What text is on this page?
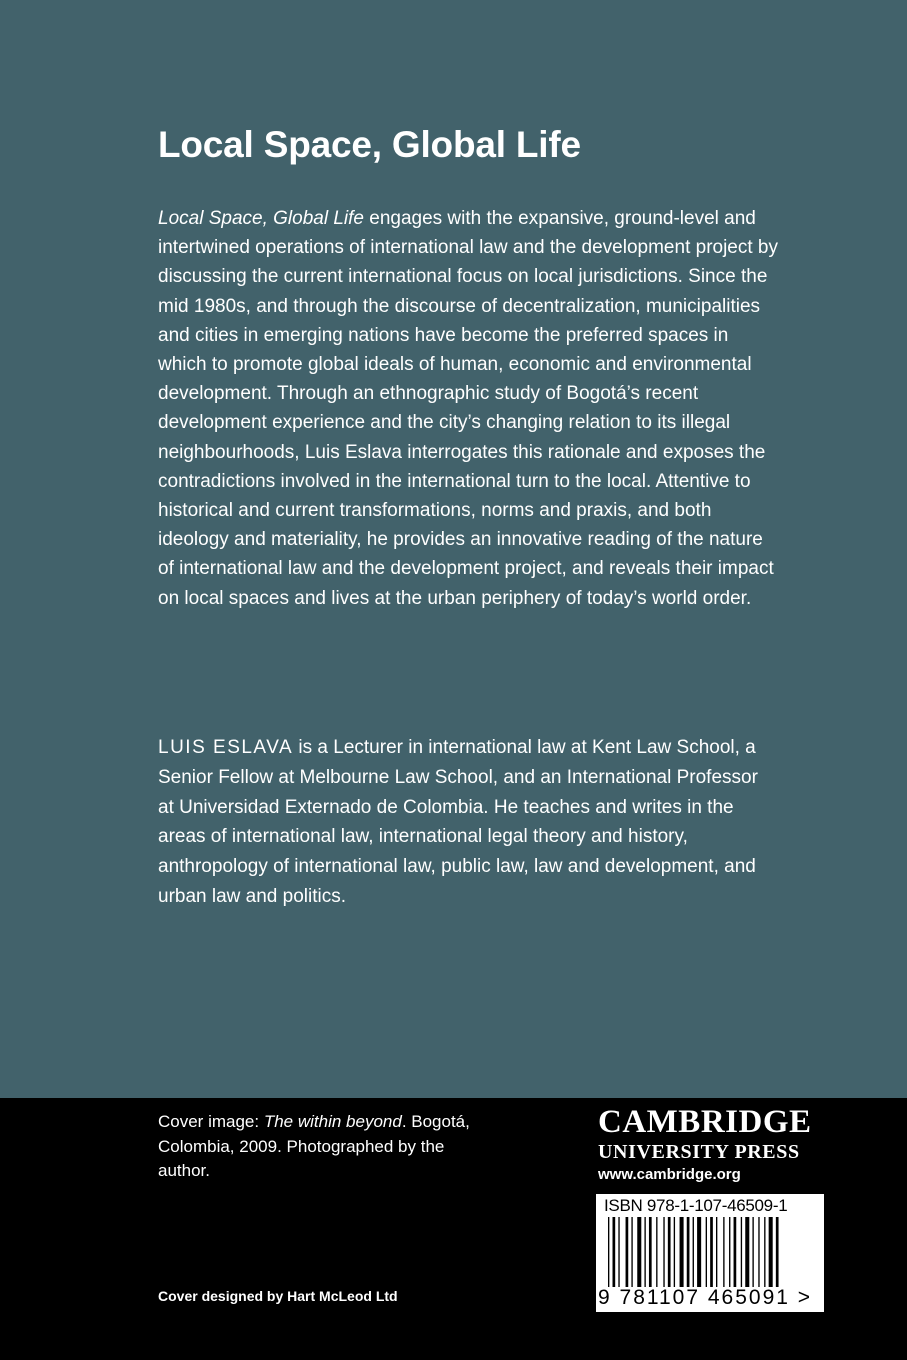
Local Space, Global Life

Local Space, Global Life engages with the expansive, ground-level and intertwined operations of international law and the development project by discussing the current international focus on local jurisdictions. Since the mid 1980s, and through the discourse of decentralization, municipalities and cities in emerging nations have become the preferred spaces in which to promote global ideals of human, economic and environmental development. Through an ethnographic study of Bogotá’s recent development experience and the city’s changing relation to its illegal neighbourhoods, Luis Eslava interrogates this rationale and exposes the contradictions involved in the international turn to the local. Attentive to historical and current transformations, norms and praxis, and both ideology and materiality, he provides an innovative reading of the nature of international law and the development project, and reveals their impact on local spaces and lives at the urban periphery of today’s world order.

LUIS ESLAVA is a Lecturer in international law at Kent Law School, a Senior Fellow at Melbourne Law School, and an International Professor at Universidad Externado de Colombia. He teaches and writes in the areas of international law, international legal theory and history, anthropology of international law, public law, law and development, and urban law and politics.

Cover image: The within beyond. Bogotá, Colombia, 2009. Photographed by the author.

Cover designed by Hart McLeod Ltd

CAMBRIDGE
UNIVERSITY PRESS
www.cambridge.org
ISBN 978-1-107-46509-1
9 781107 465091 >
